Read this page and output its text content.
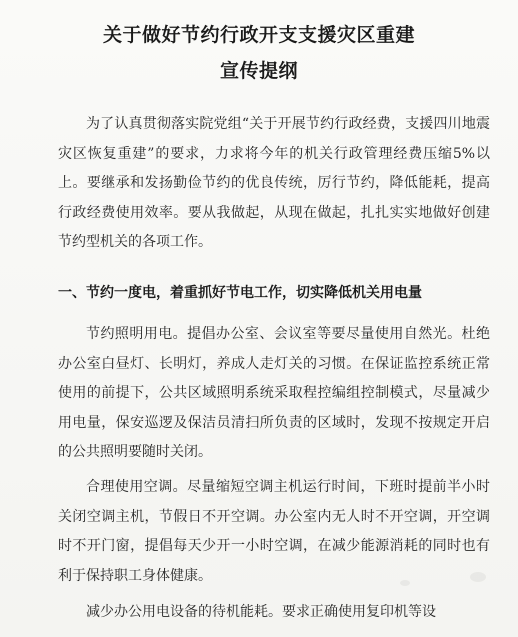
关于做好节约行政开支支援灾区重建
宣传提纲
为了认真贯彻落实院党组“关于开展节约行政经费，支援四川地震灾区恢复重建”的要求，力求将今年的机关行政管理经费压缩5%以上。要继承和发扬勤俭节约的优良传统，厉行节约，降低能耗，提高行政经费使用效率。要从我做起，从现在做起，扎扎实实地做好创建节约型机关的各项工作。
一、节约一度电，着重抓好节电工作，切实降低机关用电量
节约照明用电。提倡办公室、会议室等要尽量使用自然光。杜绝办公室白昼灯、长明灯，养成人走灯关的习惯。在保证监控系统正常使用的前提下，公共区域照明系统采取程控编组控制模式，尽量减少用电量，保安巡逻及保洁员清扫所负责的区域时，发现不按规定开启的公共照明要随时关闭。
合理使用空调。尽量缩短空调主机运行时间，下班时提前半小时关闭空调主机，节假日不开空调。办公室内无人时不开空调，开空调时不开门窗，提倡每天少开一小时空调，在减少能源消耗的同时也有利于保持职工身体健康。
减少办公用电设备的待机能耗。要求正确使用复印机等设
